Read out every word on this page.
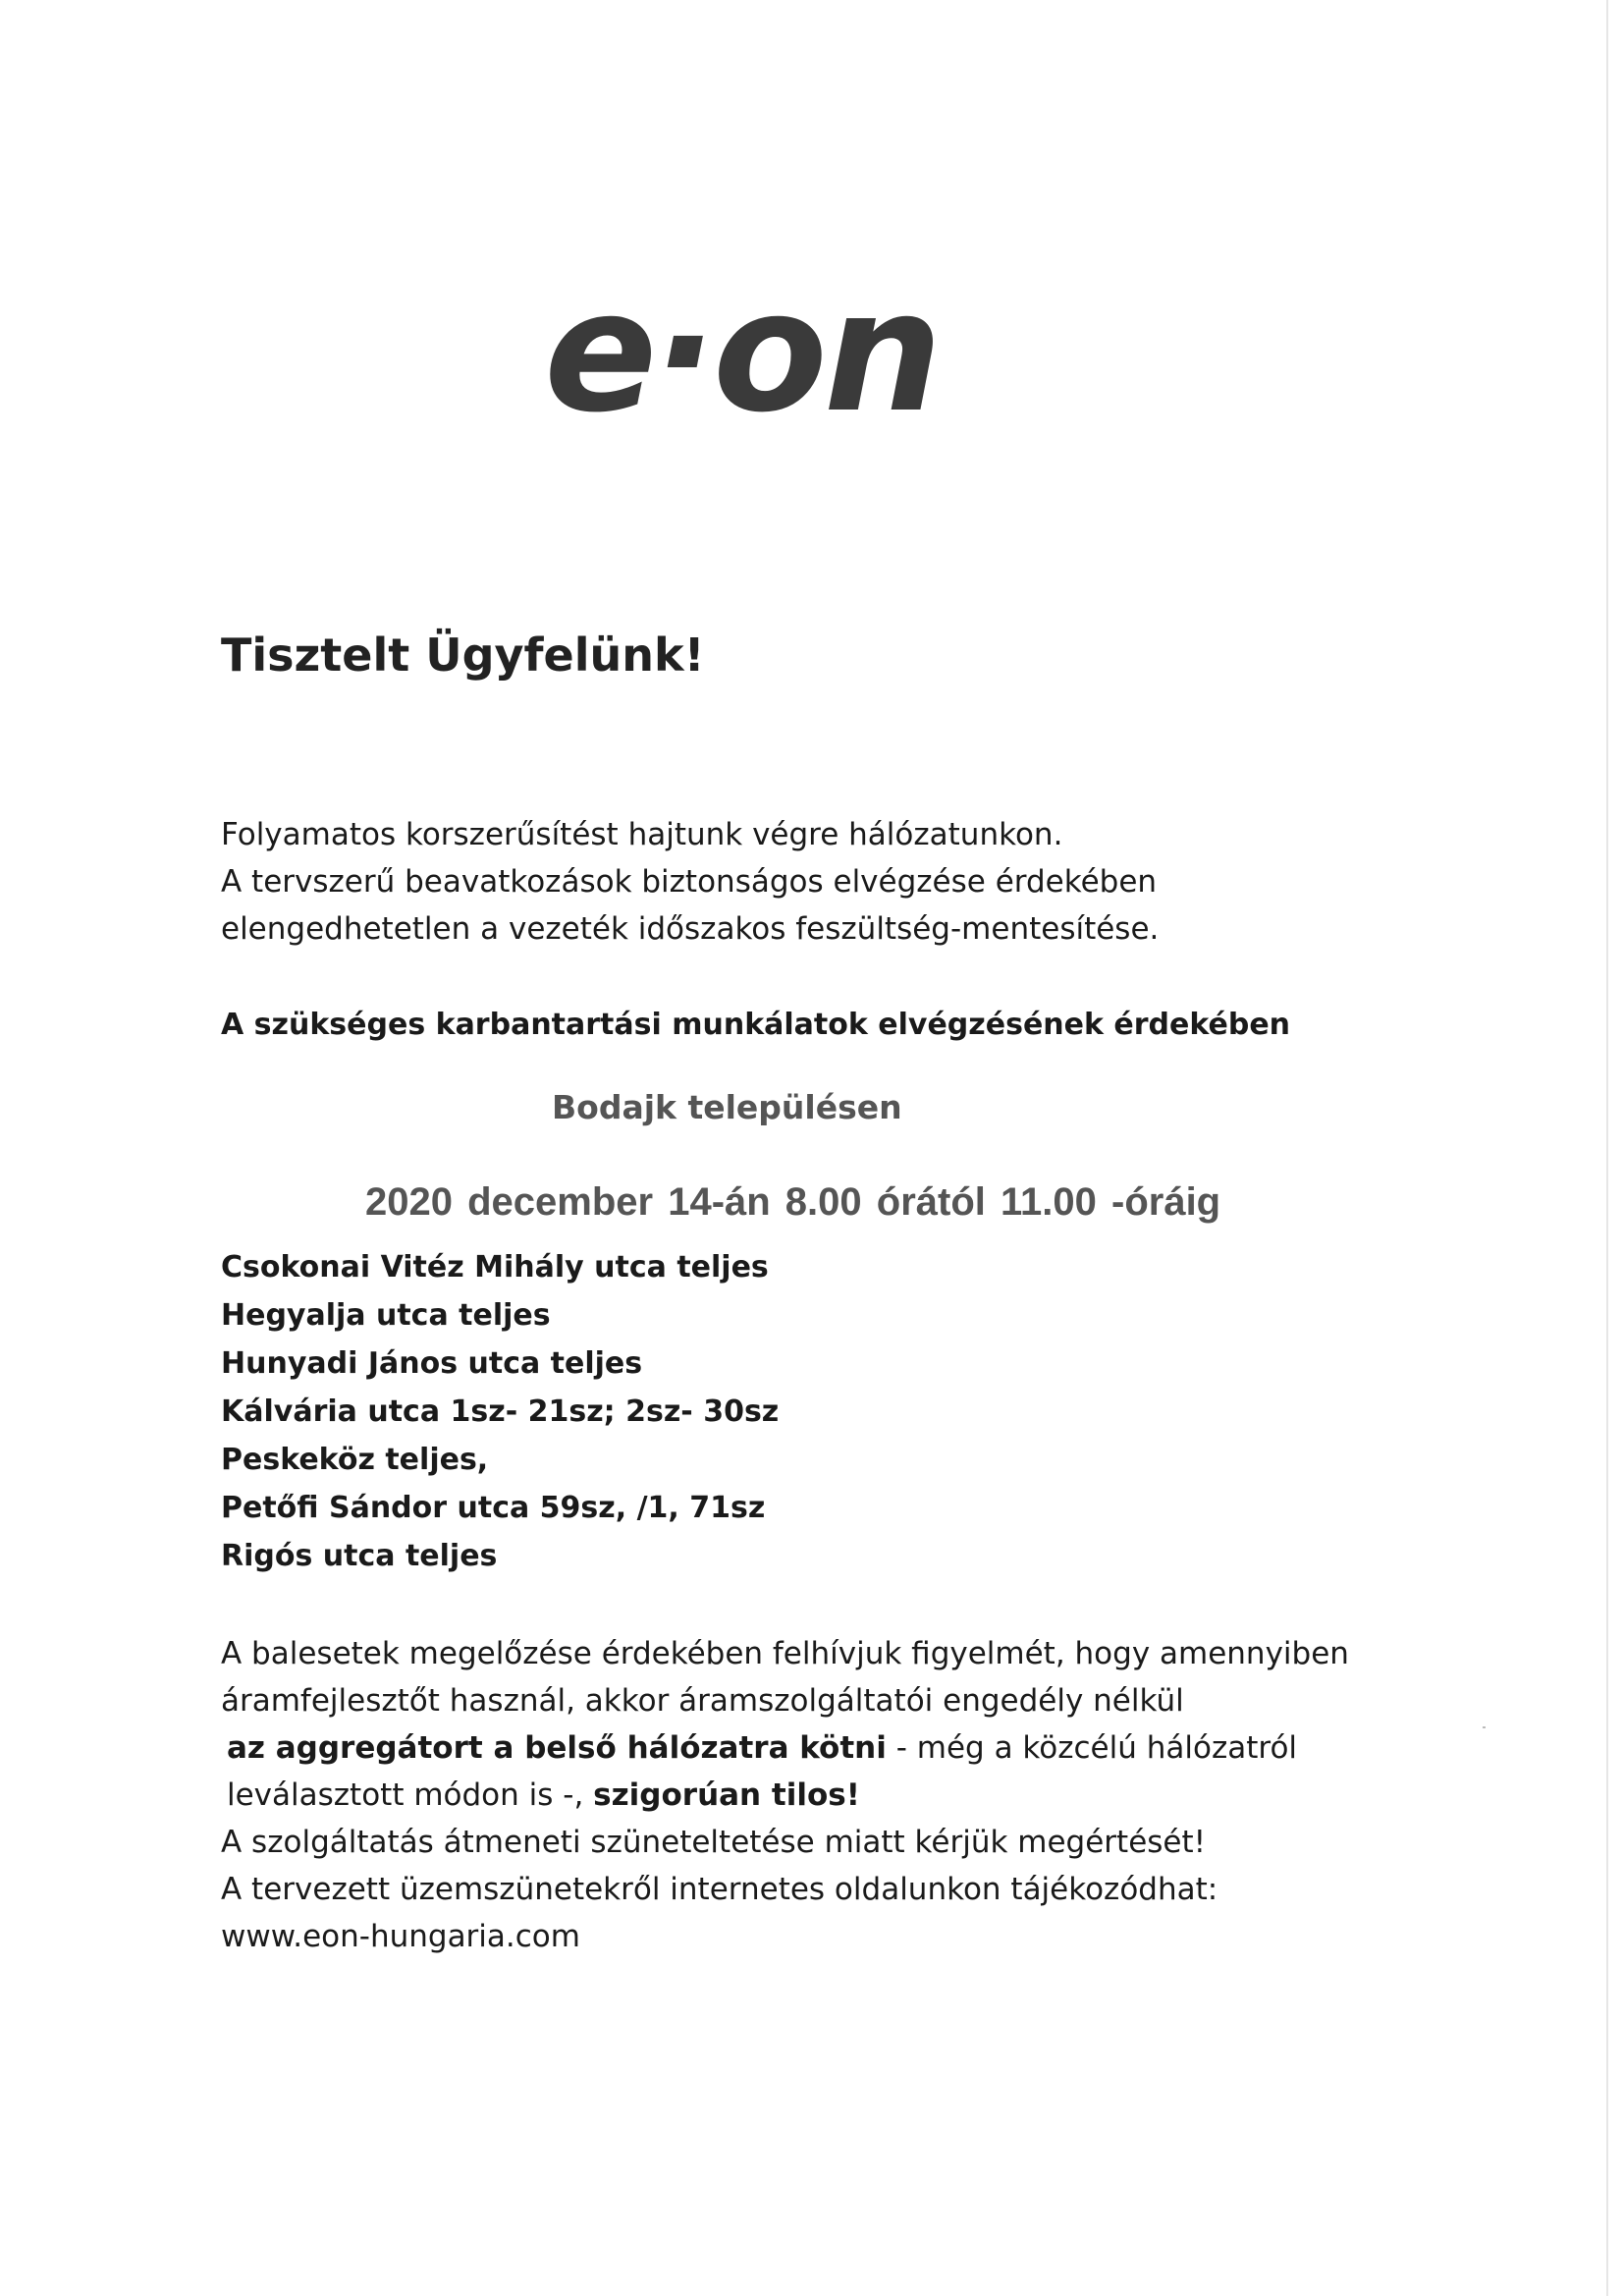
e·on
Tisztelt Ügyfelünk!
Folyamatos korszerűsítést hajtunk végre hálózatunkon.
A tervszerű beavatkozások biztonságos elvégzése érdekében
elengedhetetlen a vezeték időszakos feszültség-mentesítése.
A szükséges karbantartási munkálatok elvégzésének érdekében
Bodajk településen
2020 december 14-án 8.00 órától 11.00 -óráig
Csokonai Vitéz Mihály utca teljes
Hegyalja utca teljes
Hunyadi János utca teljes
Kálvária utca 1sz- 21sz; 2sz- 30sz
Peskeköz teljes,
Petőfi Sándor utca 59sz, /1, 71sz
Rigós utca teljes
A balesetek megelőzése érdekében felhívjuk figyelmét, hogy amennyiben
áramfejlesztőt használ, akkor áramszolgáltatói engedély nélkül
az aggregátort a belső hálózatra kötni - még a közcélú hálózatról
leválasztott módon is -, szigorúan tilos!
A szolgáltatás átmeneti szüneteltetése miatt kérjük megértését!
A tervezett üzemszünetekről internetes oldalunkon tájékozódhat:
www.eon-hungaria.com
